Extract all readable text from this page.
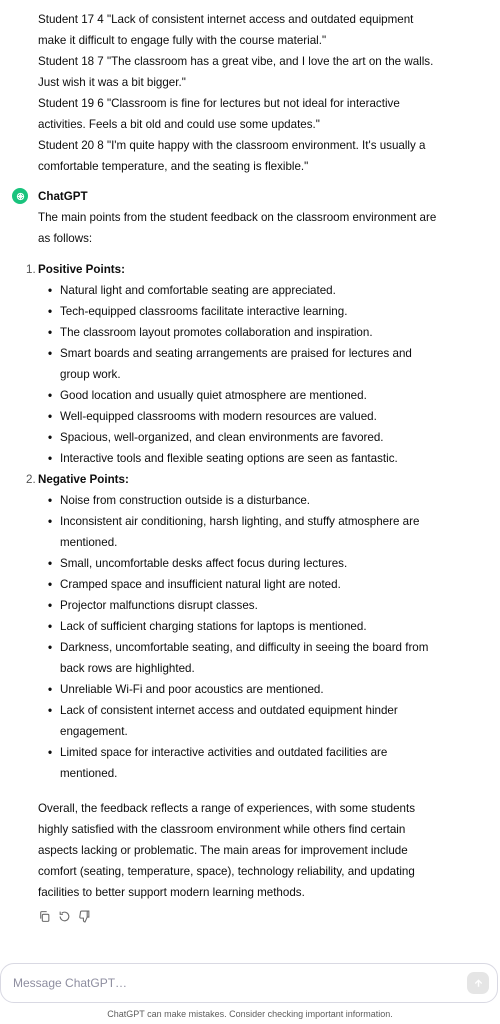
Student 17 4 "Lack of consistent internet access and outdated equipment make it difficult to engage fully with the course material."

Student 18 7 "The classroom has a great vibe, and I love the art on the walls. Just wish it was a bit bigger."

Student 19 6 "Classroom is fine for lectures but not ideal for interactive activities. Feels a bit old and could use some updates."

Student 20 8 "I'm quite happy with the classroom environment. It's usually a comfortable temperature, and the seating is flexible."

ChatGPT

The main points from the student feedback on the classroom environment are as follows:

1. Positive Points:
• Natural light and comfortable seating are appreciated.
• Tech-equipped classrooms facilitate interactive learning.
• The classroom layout promotes collaboration and inspiration.
• Smart boards and seating arrangements are praised for lectures and group work.
• Good location and usually quiet atmosphere are mentioned.
• Well-equipped classrooms with modern resources are valued.
• Spacious, well-organized, and clean environments are favored.
• Interactive tools and flexible seating options are seen as fantastic.
2. Negative Points:
• Noise from construction outside is a disturbance.
• Inconsistent air conditioning, harsh lighting, and stuffy atmosphere are mentioned.
• Small, uncomfortable desks affect focus during lectures.
• Cramped space and insufficient natural light are noted.
• Projector malfunctions disrupt classes.
• Lack of sufficient charging stations for laptops is mentioned.
• Darkness, uncomfortable seating, and difficulty in seeing the board from back rows are highlighted.
• Unreliable Wi-Fi and poor acoustics are mentioned.
• Lack of consistent internet access and outdated equipment hinder engagement.
• Limited space for interactive activities and outdated facilities are mentioned.

Overall, the feedback reflects a range of experiences, with some students highly satisfied with the classroom environment while others find certain aspects lacking or problematic. The main areas for improvement include comfort (seating, temperature, space), technology reliability, and updating facilities to better support modern learning methods.

Message ChatGPT…
ChatGPT can make mistakes. Consider checking important information.
